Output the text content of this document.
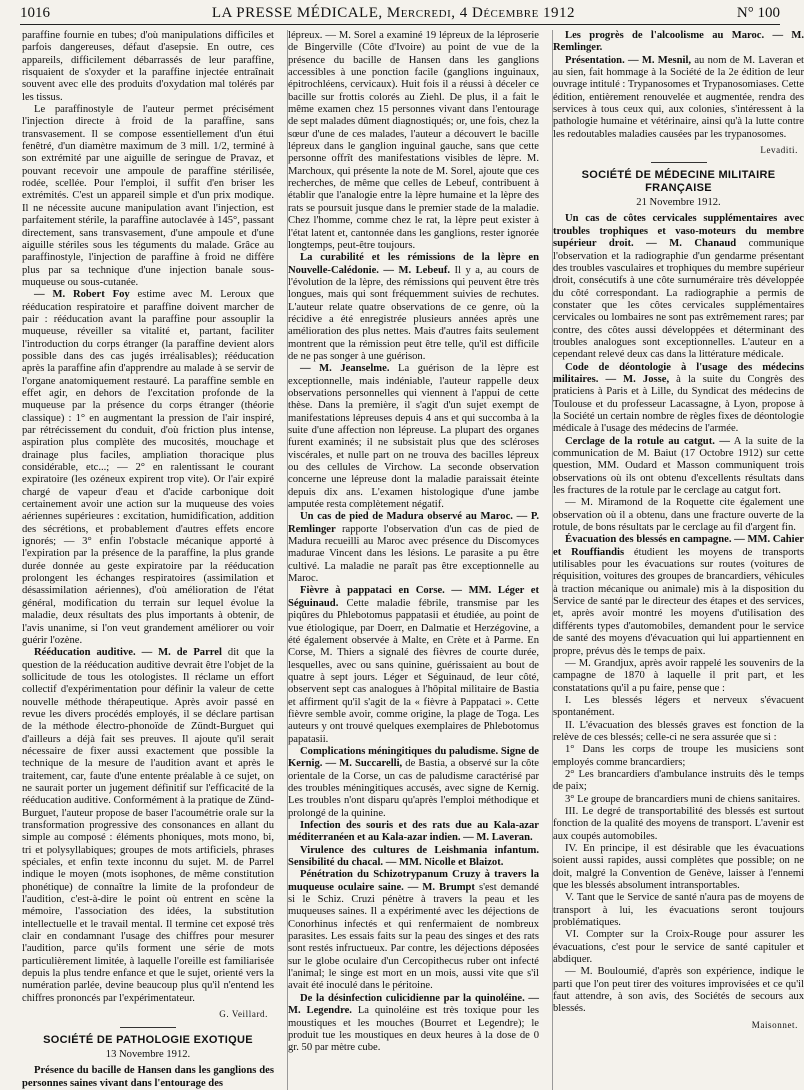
1016	LA PRESSE MÉDICALE, Mercredi, 4 Décembre 1912	N° 100

paraffine fournie en tubes; d'où manipulations difficiles et parfois dangereuses, défaut d'asepsie. En outre, ces appareils, difficilement débarrassés de leur paraffine, risquaient de s'oxyder et la paraffine injectée entraînait souvent avec elle des produits d'oxydation mal tolérés par les tissus.

Le paraffinostyle de l'auteur permet précisément l'injection directe à froid de la paraffine, sans transvasement. Il se compose essentiellement d'un étui fenêtré, d'un diamètre maximum de 3 mill. 1/2, terminé à son extrémité par une aiguille de seringue de Pravaz, et pouvant recevoir une ampoule de paraffine stérilisée, rodée, scellée. Pour l'emploi, il suffit d'en briser les extrémités. C'est un appareil simple et d'un prix modique. Il ne nécessite aucune manipulation avant l'injection, est parfaitement stérile, la paraffine autoclavée à 145°, passant directement, sans transvasement, d'une ampoule et d'une aiguille stériles sous les téguments du malade. Grâce au paraffinostyle, l'injection de paraffine à froid ne diffère plus par sa technique d'une injection banale sous-muqueuse ou sous-cutanée.

— M. Robert Foy estime avec M. Leroux que rééducation respiratoire et paraffine doivent marcher de pair : rééducation avant la paraffine pour assouplir la muqueuse, réveiller sa vitalité et, partant, faciliter l'introduction du corps étranger (la paraffine devient alors possible dans des cas jugés irréalisables); rééducation après la paraffine afin d'apprendre au malade à se servir de l'organe anatomiquement restauré. La paraffine semble en effet agir, en dehors de l'excitation profonde de la muqueuse par la présence du corps étranger (théorie classique) : 1° en augmentant la pression de l'air inspiré, par rétrécissement du conduit, d'où friction plus intense, aspiration plus complète des mucosités, mouchage et drainage plus faciles, ampliation thoracique plus considérable, etc...; — 2° en ralentissant le courant expiratoire (les ozéneux expirent trop vite). Or l'air expiré chargé de vapeur d'eau et d'acide carbonique doit certainement avoir une action sur la muqueuse des voies aériennes supérieures : excitation, humidification, addition des sécrétions, et probablement d'autres effets encore ignorés; — 3° enfin l'obstacle mécanique apporté à l'expiration par la présence de la paraffine, la plus grande durée donnée au geste expiratoire par la rééducation prolongent les échanges respiratoires (assimilation et désassimilation aériennes), d'où amélioration de l'état général, modification du terrain sur lequel évolue la maladie, deux résultats des plus importants à obtenir, de l'avis unanime, si l'on veut grandement améliorer ou voir guérir l'ozène.

Rééducation auditive. — M. de Parrel dit que la question de la rééducation auditive devrait être l'objet de la sollicitude de tous les otologistes. Il réclame un effort collectif d'expérimentation pour définir la valeur de cette nouvelle méthode thérapeutique. Après avoir passé en revue les divers procédés employés, il se déclare partisan de la méthode électro-phonoïde de Zündt-Burguet qui d'ailleurs a déjà fait ses preuves. Il ajoute qu'il serait nécessaire de fixer aussi exactement que possible la technique de la mesure de l'audition avant et après le traitement, car, faute d'une entente préalable à ce sujet, on ne saurait porter un jugement définitif sur l'efficacité de la rééducation auditive. Conformément à la pratique de Zünd-Burguet, l'auteur propose de baser l'acoumétrie orale sur la transformation progressive des consonances en allant du simple au composé : éléments phoniques, mots mono, bi, tri et polysyllabiques; groupes de mots artificiels, phrases spéciales, et enfin texte inconnu du sujet. M. de Parrel indique le moyen (mots isophones, de même constitution phonétique) de connaître la limite de la profondeur de l'audition, c'est-à-dire le point où entrent en scène la mémoire, l'association des idées, la substitution intellectuelle et le travail mental. Il termine cet exposé très clair en condamnant l'usage des chiffres pour mesurer l'audition, parce qu'ils forment une série de mots particulièrement limitée, à laquelle l'oreille est familiarisée depuis la plus tendre enfance et que le sujet, orienté vers la numération parlée, devine beaucoup plus qu'il n'entend les chiffres prononcés par l'expérimentateur.

G. Veillard.
SOCIÉTÉ DE PATHOLOGIE EXOTIQUE
13 Novembre 1912.

Présence du bacille de Hansen dans les ganglions des personnes saines vivant dans l'entourage des

lépreux. — M. Sorel a examiné 19 lépreux de la léproserie de Bingerville (Côte d'Ivoire) au point de vue de la présence du bacille de Hansen dans les ganglions accessibles à une ponction facile (ganglions inguinaux, épitrochléens, cervicaux). Huit fois il a réussi à déceler ce bacille sur frottis colorés au Ziehl. De plus, il a fait le même examen chez 15 personnes vivant dans l'entourage de sept malades dûment diagnostiqués; or, une fois, chez la sœur d'une de ces malades, l'auteur a découvert le bacille lépreux dans le ganglion inguinal gauche, sans que cette personne offrît des manifestations visibles de lèpre. M. Marchoux, qui présente la note de M. Sorel, ajoute que ces recherches, de même que celles de Lebeuf, contribuent à établir que l'analogie entre la lèpre humaine et la lèpre des rats se poursuit jusque dans le premier stade de la maladie. Chez l'homme, comme chez le rat, la lèpre peut exister à l'état latent et, cantonnée dans les ganglions, rester ignorée longtemps, peut-être toujours.

La curabilité et les rémissions de la lèpre en Nouvelle-Calédonie. — M. Lebeuf. Il y a, au cours de l'évolution de la lèpre, des rémissions qui peuvent être très longues, mais qui sont fréquemment suivies de rechutes. L'auteur relate quatre observations de ce genre, où la récidive a été enregistrée plusieurs années après une amélioration des plus nettes. Mais d'autres faits seulement montrent que la rémission peut être telle, qu'il est difficile de ne pas songer à une guérison.

— M. Jeanselme. La guérison de la lèpre est exceptionnelle, mais indéniable, l'auteur rappelle deux observations personnelles qui viennent à l'appui de cette thèse. Dans la première, il s'agit d'un sujet exempt de manifestations lépreuses depuis 4 ans et qui succomba à la suite d'une affection non lépreuse. La plupart des organes furent examinés; il ne subsistait plus que des scléroses viscérales, et nulle part on ne trouva des bacilles lépreux ou des cellules de Virchow. La seconde observation concerne une lépreuse dont la maladie paraissait éteinte depuis dix ans. L'examen histologique d'une jambe amputée resta complètement négatif.

Un cas de pied de Madura observé au Maroc. — P. Remlinger rapporte l'observation d'un cas de pied de Madura recueilli au Maroc avec présence du Discomyces madurae Vincent dans les lésions. Le parasite a pu être cultivé. La maladie ne paraît pas être exceptionnelle au Maroc.

Fièvre à pappataci en Corse. — MM. Léger et Séguinaud. Cette maladie fébrile, transmise par les piqûres du Phlebotomus pappatasii et étudiée, au point de vue étiologique, par Doerr, en Dalmatie et Herzégovine, a été également observée à Malte, en Crète et à Parme. En Corse, M. Thiers a signalé des fièvres de courte durée, lesquelles, avec ou sans quinine, guérissaient au bout de quatre à sept jours. Léger et Séguinaud, de leur côté, observent sept cas analogues à l'hôpital militaire de Bastia et affirment qu'il s'agit de la « fièvre à Pappataci ». Cette fièvre semble avoir, comme origine, la plage de Toga. Les auteurs y ont trouvé quelques exemplaires de Phlebotomus papatasii.

Complications méningitiques du paludisme. Signe de Kernig. — M. Succarelli, de Bastia, a observé sur la côte orientale de la Corse, un cas de paludisme caractérisé par des troubles méningitiques accusés, avec signe de Kernig. Les troubles n'ont disparu qu'après l'emploi méthodique et prolongé de la quinine.

Infection des souris et des rats due au Kala-azar méditerranéen et au Kala-azar indien. — M. Laveran.

Virulence des cultures de Leishmania infantum. Sensibilité du chacal. — MM. Nicolle et Blaizot.

Pénétration du Schizotrypanum Cruzy à travers la muqueuse oculaire saine. — M. Brumpt s'est demandé si le Schiz. Cruzi pénètre à travers la peau et les muqueuses saines. Il a expérimenté avec les déjections de Conorhinus infectés et qui renfermaient de nombreux parasites. Les essais faits sur la peau des singes et des rats sont restés infructueux. Par contre, les déjections déposées sur le globe oculaire d'un Cercopithecus ruber ont infecté l'animal; le singe est mort en un mois, aussi vite que s'il avait été inoculé dans le péritoine.

De la désinfection culicidienne par la quinoléine. — M. Legendre. La quinoléine est très toxique pour les moustiques et les mouches (Bourret et Legendre); le produit tue les moustiques en deux heures à la dose de 0 gr. 50 par mètre cube.

Les progrès de l'alcoolisme au Maroc. — M. Remlinger.

Présentation. — M. Mesnil, au nom de M. Laveran et au sien, fait hommage à la Société de la 2e édition de leur ouvrage intitulé : Trypanosomes et Trypanosomiases. Cette édition, entièrement renouvelée et augmentée, rendra des services à tous ceux qui, aux colonies, s'intéressent à la pathologie humaine et vétérinaire, ainsi qu'à la lutte contre les redoutables maladies causées par les trypanosomes.

Levaditi.
SOCIÉTÉ DE MÉDECINE MILITAIRE FRANÇAISE
21 Novembre 1912.

Un cas de côtes cervicales supplémentaires avec troubles trophiques et vaso-moteurs du membre supérieur droit. — M. Chanaud communique l'observation et la radiographie d'un gendarme présentant des troubles vasculaires et trophiques du membre supérieur droit, consécutifs à une côte surnuméraire très développée du côté correspondant. La radiographie a permis de constater que les côtes cervicales supplémentaires cervicales ou lombaires ne sont pas extrêmement rares; par contre, des côtes aussi développées et déterminant des troubles analogues sont exceptionnelles. L'auteur en a cependant relevé deux cas dans la littérature médicale.

Code de déontologie à l'usage des médecins militaires. — M. Josse, à la suite du Congrès des praticiens à Paris et à Lille, du Syndicat des médecins de Toulouse et du professeur Lacassagne, à Lyon, propose à la Société un certain nombre de règles fixes de déontologie médicale à l'usage des médecins de l'armée.

Cerclage de la rotule au catgut. — A la suite de la communication de M. Baiut (17 Octobre 1912) sur cette question, MM. Oudard et Masson communiquent trois observations où ils ont obtenu d'excellents résultats dans les fractures de la rotule par le cerclage au catgut fort.

— M. Miramond de la Roquette cite également une observation où il a obtenu, dans une fracture ouverte de la rotule, de bons résultats par le cerclage au fil d'argent fin.

Évacuation des blessés en campagne. — MM. Cahier et Rouffiandis étudient les moyens de transports utilisables pour les évacuations sur routes (voitures de réquisition, voitures des groupes de brancardiers, véhicules à traction mécanique ou animale) mis à la disposition du Service de santé par le directeur des étapes et des services, et, après avoir montré les moyens d'utilisation des différents types d'automobiles, demandent pour le service de santé des moyens d'évacuation qui lui appartiennent en propre, prévus dès le temps de paix.

— M. Grandjux, après avoir rappelé les souvenirs de la campagne de 1870 à laquelle il prit part, et les constatations qu'il a pu faire, pense que :

I. Les blessés légers et nerveux s'évacuent spontanément.

II. L'évacuation des blessés graves est fonction de la relève de ces blessés; celle-ci ne sera assurée que si :

1° Dans les corps de troupe les musiciens sont employés comme brancardiers;

2° Les brancardiers d'ambulance instruits dès le temps de paix;

3° Le groupe de brancardiers muni de chiens sanitaires.

III. Le degré de transportabilité des blessés est surtout fonction de la qualité des moyens de transport. L'avenir est aux coupés automobiles.

IV. En principe, il est désirable que les évacuations soient aussi rapides, aussi complètes que possible; on ne doit, malgré la Convention de Genève, laisser à l'ennemi que les blessés absolument intransportables.

V. Tant que le Service de santé n'aura pas de moyens de transport à lui, les évacuations seront toujours problématiques.

VI. Compter sur la Croix-Rouge pour assurer les évacuations, c'est pour le service de santé capituler et abdiquer.

— M. Bouloumié, d'après son expérience, indique le parti que l'on peut tirer des voitures improvisées et ce qu'il faut attendre, à son avis, des Sociétés de secours aux blessés.

Maisonnet.
